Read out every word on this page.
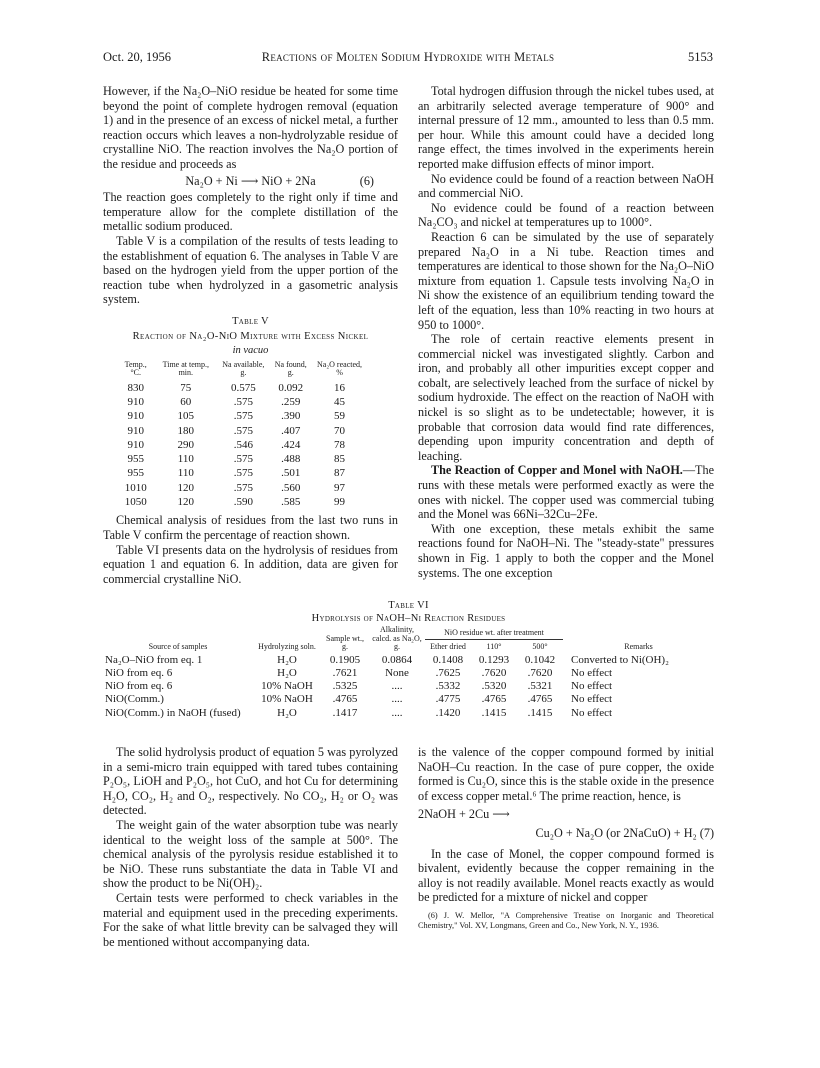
Oct. 20, 1956	Reactions of Molten Sodium Hydroxide with Metals	5153

However, if the Na₂O–NiO residue be heated for some time beyond the point of complete hydrogen removal (equation 1) and in the presence of an excess of nickel metal, a further reaction occurs which leaves a non-hydrolyzable residue of crystalline NiO. The reaction involves the Na₂O portion of the residue and proceeds as

Na₂O + Ni ⟶ NiO + 2Na	(6)

The reaction goes completely to the right only if time and temperature allow for the complete distillation of the metallic sodium produced.

Table V is a compilation of the results of tests leading to the establishment of equation 6. The analyses in Table V are based on the hydrogen yield from the upper portion of the reaction tube when hydrolyzed in a gasometric analysis system.

Table V
Reaction of Na₂O-NiO Mixture with Excess Nickel
in vacuo
Temp., °C.	Time at temp., min.	Na available, g.	Na found, g.	Na₂O reacted, %
830	75	0.575	0.092	16
910	60	.575	.259	45
910	105	.575	.390	59
910	180	.575	.407	70
910	290	.546	.424	78
955	110	.575	.488	85
955	110	.575	.501	87
1010	120	.575	.560	97
1050	120	.590	.585	99

Chemical analysis of residues from the last two runs in Table V confirm the percentage of reaction shown.

Table VI presents data on the hydrolysis of residues from equation 1 and equation 6. In addition, data are given for commercial crystalline NiO.

Total hydrogen diffusion through the nickel tubes used, at an arbitrarily selected average temperature of 900° and internal pressure of 12 mm., amounted to less than 0.5 mm. per hour. While this amount could have a decided long range effect, the times involved in the experiments herein reported make diffusion effects of minor import.

No evidence could be found of a reaction between NaOH and commercial NiO.

No evidence could be found of a reaction between Na₂CO₃ and nickel at temperatures up to 1000°.

Reaction 6 can be simulated by the use of separately prepared Na₂O in a Ni tube. Reaction times and temperatures are identical to those shown for the Na₂O–NiO mixture from equation 1. Capsule tests involving Na₂O in Ni show the existence of an equilibrium tending toward the left of the equation, less than 10% reacting in two hours at 950 to 1000°.

The role of certain reactive elements present in commercial nickel was investigated slightly. Carbon and iron, and probably all other impurities except copper and cobalt, are selectively leached from the surface of nickel by sodium hydroxide. The effect on the reaction of NaOH with nickel is so slight as to be undetectable; however, it is probable that corrosion data would find rate differences, depending upon impurity concentration and depth of leaching.

The Reaction of Copper and Monel with NaOH.—The runs with these metals were performed exactly as were the ones with nickel. The copper used was commercial tubing and the Monel was 66Ni–32Cu–2Fe.

With one exception, these metals exhibit the same reactions found for NaOH–Ni. The "steady-state" pressures shown in Fig. 1 apply to both the copper and the Monel systems. The one exception

Table VI
Hydrolysis of NaOH–Ni Reaction Residues
Source of samples	Hydrolyzing soln.	Sample wt., g.	Alkalinity, calcd. as Na₂O, g.	NiO residue wt. after treatment			Remarks
				Ether dried	110°	500°	
Na₂O–NiO from eq. 1	H₂O	0.1905	0.0864	0.1408	0.1293	0.1042	Converted to Ni(OH)₂
NiO from eq. 6	H₂O	.7621	None	.7625	.7620	.7620	No effect
NiO from eq. 6	10% NaOH	.5325	....	.5332	.5320	.5321	No effect
NiO(Comm.)	10% NaOH	.4765	....	.4775	.4765	.4765	No effect
NiO(Comm.) in NaOH (fused)	H₂O	.1417	....	.1420	.1415	.1415	No effect

The solid hydrolysis product of equation 5 was pyrolyzed in a semi-micro train equipped with tared tubes containing P₂O₅, LiOH and P₂O₅, hot CuO, and hot Cu for determining H₂O, CO₂, H₂ and O₂, respectively. No CO₂, H₂ or O₂ was detected.

The weight gain of the water absorption tube was nearly identical to the weight loss of the sample at 500°. The chemical analysis of the pyrolysis residue established it to be NiO. These runs substantiate the data in Table VI and show the product to be Ni(OH)₂.

Certain tests were performed to check variables in the material and equipment used in the preceding experiments. For the sake of what little brevity can be salvaged they will be mentioned without accompanying data.

is the valence of the copper compound formed by initial NaOH–Cu reaction. In the case of pure copper, the oxide formed is Cu₂O, since this is the stable oxide in the presence of excess copper metal.⁶ The prime reaction, hence, is

2NaOH + 2Cu ⟶
Cu₂O + Na₂O (or 2NaCuO) + H₂ (7)

In the case of Monel, the copper compound formed is bivalent, evidently because the copper remaining in the alloy is not readily available. Monel reacts exactly as would be predicted for a mixture of nickel and copper

(6) J. W. Mellor, "A Comprehensive Treatise on Inorganic and Theoretical Chemistry," Vol. XV, Longmans, Green and Co., New York, N. Y., 1936.
